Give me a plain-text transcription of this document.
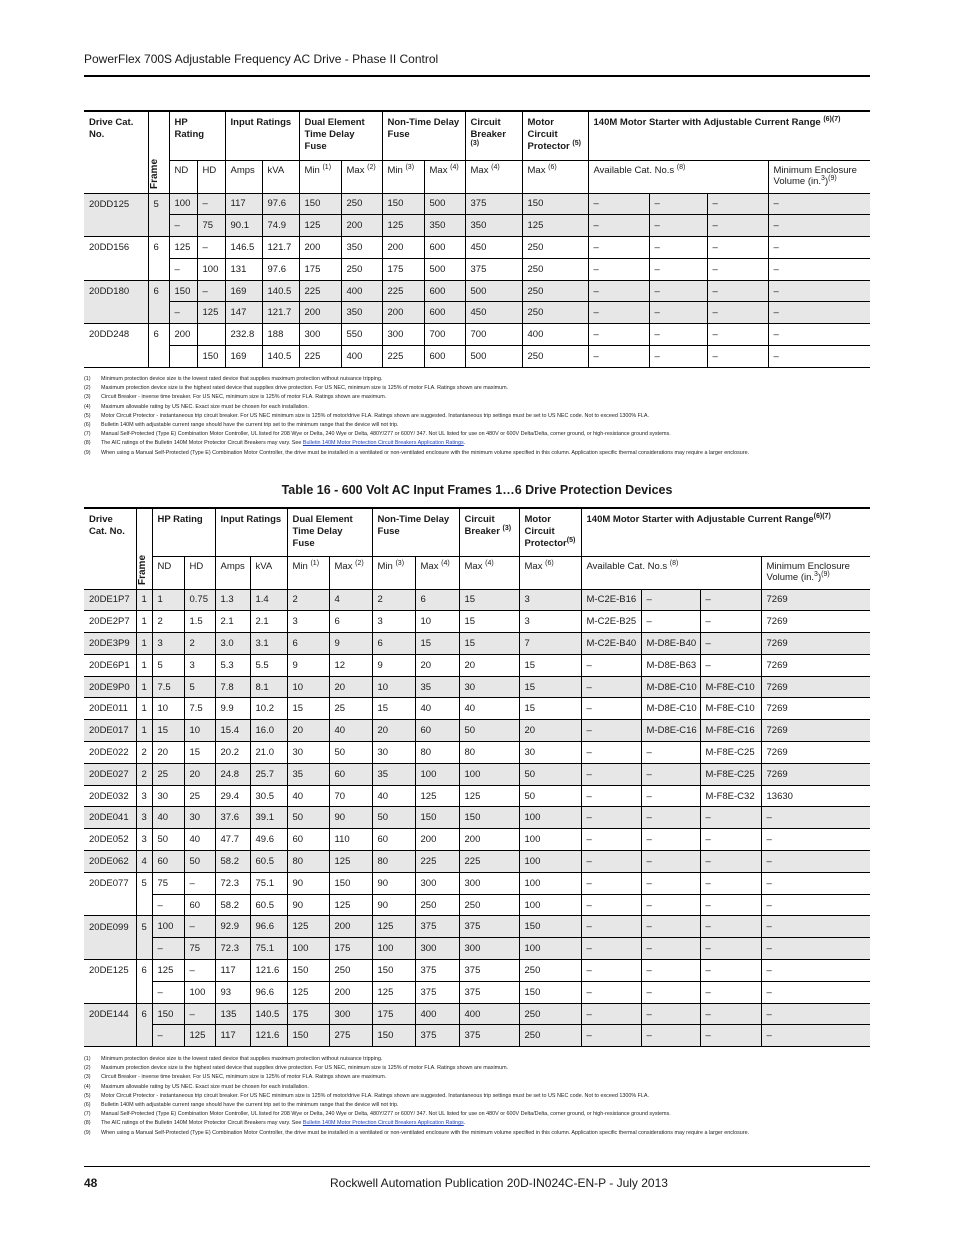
PowerFlex 700S Adjustable Frequency AC Drive - Phase II Control
Drive Cat. No.	Frame	HP Rating		Input Ratings		Dual Element Time Delay Fuse		Non-Time Delay Fuse		Circuit Breaker $^{(3)}$	Motor Circuit Protector $^{(5)}$	140M Motor Starter with Adjustable Current Range $^{(6)(7)}$
		ND	HD	Amps	kVA	Min $^{(1)}$	Max $^{(2)}$	Min $^{(3)}$	Max $^{(4)}$	Max $^{(4)}$	Max $^{(6)}$	Available Cat. No.s $^{(8)}$			Minimum Enclosure Volume $(in.^3)^{(9)}$
20DD125	5	100	–	117	97.6	150	250	150	500	375	150	–	–	–	–
		–	75	90.1	74.9	125	200	125	350	350	125	–	–	–	–
20DD156	6	125	–	146.5	121.7	200	350	200	600	450	250	–	–	–	–
		–	100	131	97.6	175	250	175	500	375	250	–	–	–	–
20DD180	6	150	–	169	140.5	225	400	225	600	500	250	–	–	–	–
		–	125	147	121.7	200	350	200	600	450	250	–	–	–	–
20DD248	6	200		232.8	188	300	550	300	700	700	400	–	–	–	–
			150	169	140.5	225	400	225	600	500	250	–	–	–	–
(1)	Minimum protection device size is the lowest rated device that supplies maximum protection without nuisance tripping.
(2)	Maximum protection device size is the highest rated device that supplies drive protection. For US NEC, minimum size is 125% of motor FLA. Ratings shown are maximum.
(3)	Circuit Breaker - inverse time breaker. For US NEC, minimum size is 125% of motor FLA. Ratings shown are maximum.
(4)	Maximum allowable rating by US NEC. Exact size must be chosen for each installation.
(5)	Motor Circuit Protector - instantaneous trip circuit breaker. For US NEC minimum size is 125% of motor/drive FLA. Ratings shown are suggested. Instantaneous trip settings must be set to US NEC code. Not to exceed 1300% FLA.
(6)	Bulletin 140M with adjustable current range should have the current trip set to the minimum range that the device will not trip.
(7)	Manual Self-Protected (Type E) Combination Motor Controller, UL listed for 208 Wye or Delta, 240 Wye or Delta, 480Y/277 or 600Y/ 347. Not UL listed for use on 480V or 600V Delta/Delta, corner ground, or high-resistance ground systems.
(8)	The AIC ratings of the Bulletin 140M Motor Protector Circuit Breakers may vary. See Bulletin 140M Motor Protection Circuit Breakers Application Ratings.
(9)	When using a Manual Self-Protected (Type E) Combination Motor Controller, the drive must be installed in a ventilated or non-ventilated enclosure with the minimum volume specified in this column. Application specific thermal considerations may require a larger enclosure.
Table 16 - 600 Volt AC Input Frames 1…6 Drive Protection Devices
Drive Cat. No.	Frame	HP Rating		Input Ratings		Dual Element Time Delay Fuse		Non-Time Delay Fuse		Circuit Breaker $^{(3)}$	Motor Circuit Protector$^{(5)}$	140M Motor Starter with Adjustable Current Range$^{(6)(7)}$
		ND	HD	Amps	kVA	Min $^{(1)}$	Max $^{(2)}$	Min $^{(3)}$	Max $^{(4)}$	Max $^{(4)}$	Max $^{(6)}$	Available Cat. No.s $^{(8)}$			Minimum Enclosure Volume $(in.^3)^{(9)}$
20DE1P7	1	1	0.75	1.3	1.4	2	4	2	6	15	3	M-C2E-B16	–	–	7269
20DE2P7	1	2	1.5	2.1	2.1	3	6	3	10	15	3	M-C2E-B25	–	–	7269
20DE3P9	1	3	2	3.0	3.1	6	9	6	15	15	7	M-C2E-B40	M-D8E-B40	–	7269
20DE6P1	1	5	3	5.3	5.5	9	12	9	20	20	15	–	M-D8E-B63	–	7269
20DE9P0	1	7.5	5	7.8	8.1	10	20	10	35	30	15	–	M-D8E-C10	M-F8E-C10	7269
20DE011	1	10	7.5	9.9	10.2	15	25	15	40	40	15	–	M-D8E-C10	M-F8E-C10	7269
20DE017	1	15	10	15.4	16.0	20	40	20	60	50	20	–	M-D8E-C16	M-F8E-C16	7269
20DE022	2	20	15	20.2	21.0	30	50	30	80	80	30	–	–	M-F8E-C25	7269
20DE027	2	25	20	24.8	25.7	35	60	35	100	100	50	–	–	M-F8E-C25	7269
20DE032	3	30	25	29.4	30.5	40	70	40	125	125	50	–	–	M-F8E-C32	13630
20DE041	3	40	30	37.6	39.1	50	90	50	150	150	100	–	–	–	–
20DE052	3	50	40	47.7	49.6	60	110	60	200	200	100	–	–	–	–
20DE062	4	60	50	58.2	60.5	80	125	80	225	225	100	–	–	–	–
20DE077	5	75	–	72.3	75.1	90	150	90	300	300	100	–	–	–	–
		–	60	58.2	60.5	90	125	90	250	250	100	–	–	–	–
20DE099	5	100	–	92.9	96.6	125	200	125	375	375	150	–	–	–	–
		–	75	72.3	75.1	100	175	100	300	300	100	–	–	–	–
20DE125	6	125	–	117	121.6	150	250	150	375	375	250	–	–	–	–
		–	100	93	96.6	125	200	125	375	375	150	–	–	–	–
20DE144	6	150	–	135	140.5	175	300	175	400	400	250	–	–	–	–
		–	125	117	121.6	150	275	150	375	375	250	–	–	–	–
(1)	Minimum protection device size is the lowest rated device that supplies maximum protection without nuisance tripping.
(2)	Maximum protection device size is the highest rated device that supplies drive protection. For US NEC, minimum size is 125% of motor FLA. Ratings shown are maximum.
(3)	Circuit Breaker - inverse time breaker. For US NEC, minimum size is 125% of motor FLA. Ratings shown are maximum.
(4)	Maximum allowable rating by US NEC. Exact size must be chosen for each installation.
(5)	Motor Circuit Protector - instantaneous trip circuit breaker. For US NEC minimum size is 125% of motor/drive FLA. Ratings shown are suggested. Instantaneous trip settings must be set to US NEC code. Not to exceed 1300% FLA.
(6)	Bulletin 140M with adjustable current range should have the current trip set to the minimum range that the device will not trip.
(7)	Manual Self-Protected (Type E) Combination Motor Controller, UL listed for 208 Wye or Delta, 240 Wye or Delta, 480Y/277 or 600Y/ 347. Not UL listed for use on 480V or 600V Delta/Delta, corner ground, or high-resistance ground systems.
(8)	The AIC ratings of the Bulletin 140M Motor Protector Circuit Breakers may vary. See Bulletin 140M Motor Protection Circuit Breakers Application Ratings.
(9)	When using a Manual Self-Protected (Type E) Combination Motor Controller, the drive must be installed in a ventilated or non-ventilated enclosure with the minimum volume specified in this column. Application specific thermal considerations may require a larger enclosure.
48	Rockwell Automation Publication 20D-IN024C-EN-P - July 2013
